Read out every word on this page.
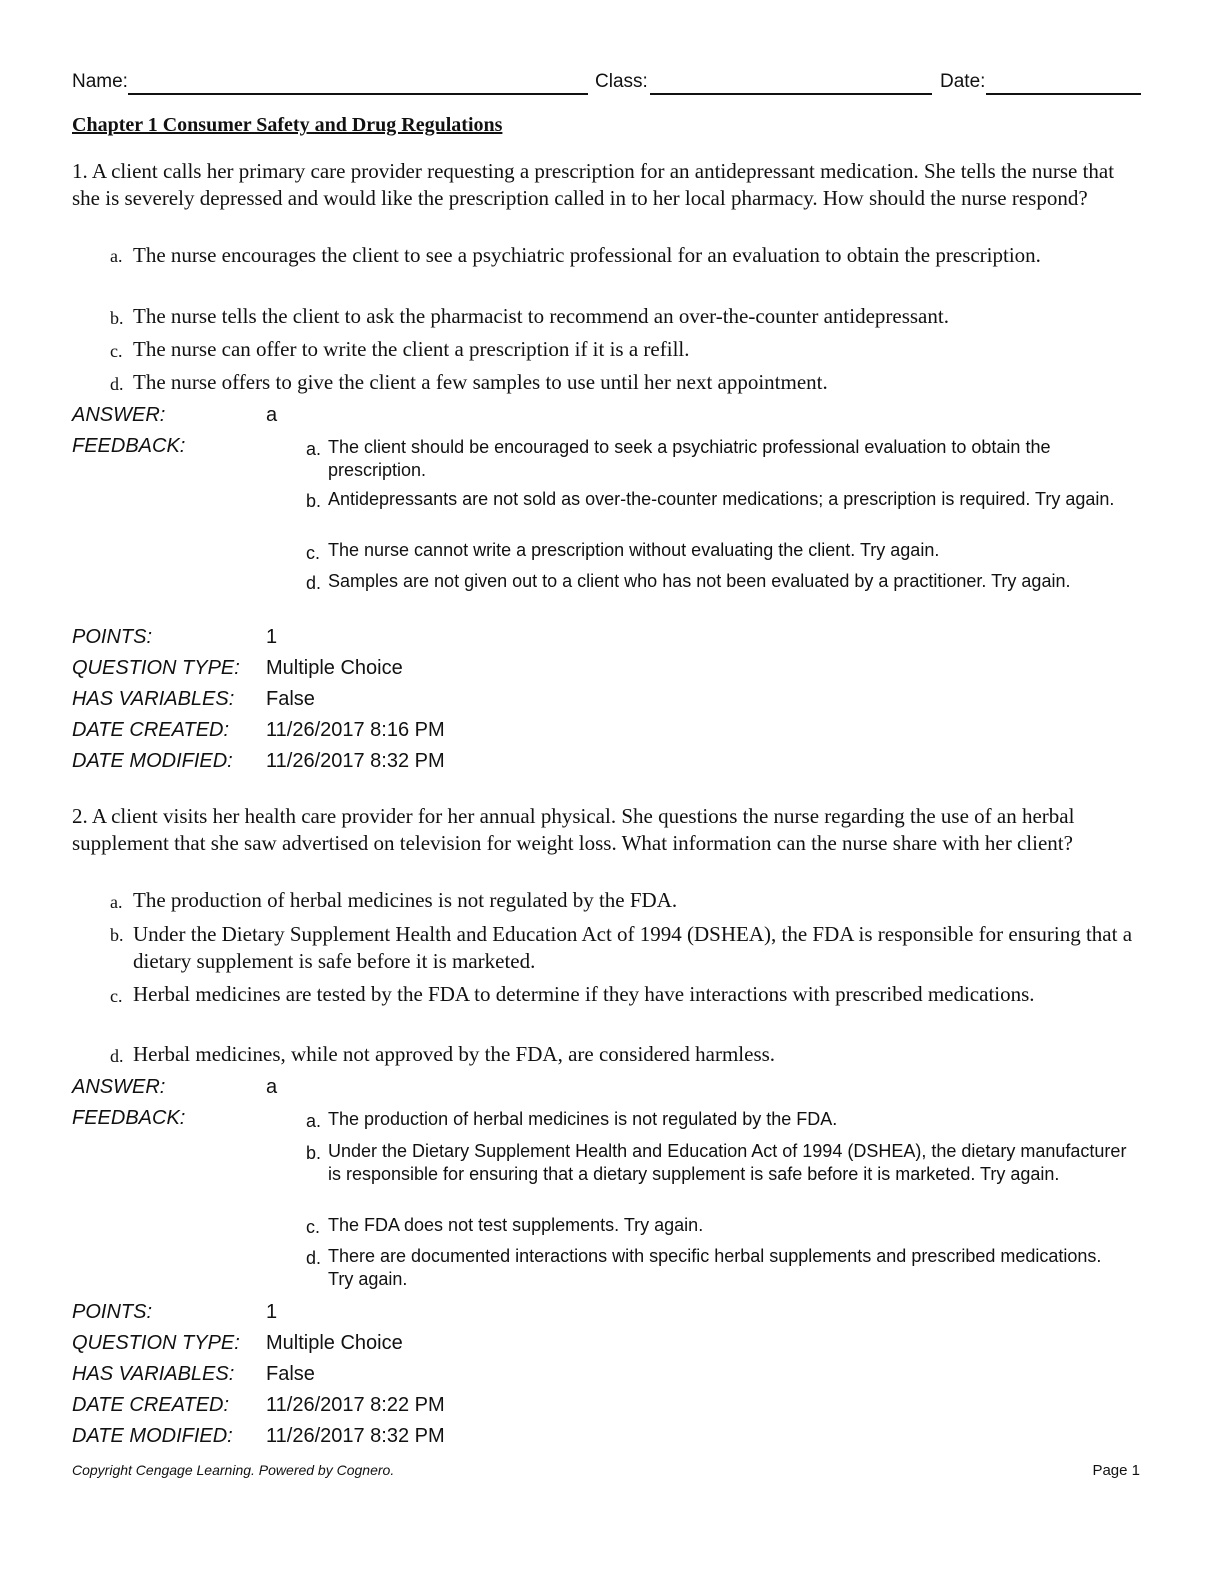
Name:	Class:	Date:
Chapter 1 Consumer Safety and Drug Regulations
1. A client calls her primary care provider requesting a prescription for an antidepressant medication. She tells the nurse that she is severely depressed and would like the prescription called in to her local pharmacy. How should the nurse respond?
a. The nurse encourages the client to see a psychiatric professional for an evaluation to obtain the prescription.
b. The nurse tells the client to ask the pharmacist to recommend an over-the-counter antidepressant.
c. The nurse can offer to write the client a prescription if it is a refill.
d. The nurse offers to give the client a few samples to use until her next appointment.
ANSWER:	a
FEEDBACK:	a. The client should be encouraged to seek a psychiatric professional evaluation to obtain the prescription.
b. Antidepressants are not sold as over-the-counter medications; a prescription is required. Try again.
c. The nurse cannot write a prescription without evaluating the client. Try again.
d. Samples are not given out to a client who has not been evaluated by a practitioner. Try again.
POINTS:	1
QUESTION TYPE: Multiple Choice
HAS VARIABLES: False
DATE CREATED: 11/26/2017 8:16 PM
DATE MODIFIED: 11/26/2017 8:32 PM
2. A client visits her health care provider for her annual physical. She questions the nurse regarding the use of an herbal supplement that she saw advertised on television for weight loss. What information can the nurse share with her client?
a. The production of herbal medicines is not regulated by the FDA.
b. Under the Dietary Supplement Health and Education Act of 1994 (DSHEA), the FDA is responsible for ensuring that a dietary supplement is safe before it is marketed.
c. Herbal medicines are tested by the FDA to determine if they have interactions with prescribed medications.
d. Herbal medicines, while not approved by the FDA, are considered harmless.
ANSWER:	a
FEEDBACK:	a. The production of herbal medicines is not regulated by the FDA.
b. Under the Dietary Supplement Health and Education Act of 1994 (DSHEA), the dietary manufacturer is responsible for ensuring that a dietary supplement is safe before it is marketed. Try again.
c. The FDA does not test supplements. Try again.
d. There are documented interactions with specific herbal supplements and prescribed medications. Try again.
POINTS:	1
QUESTION TYPE: Multiple Choice
HAS VARIABLES: False
DATE CREATED: 11/26/2017 8:22 PM
DATE MODIFIED: 11/26/2017 8:32 PM
Copyright Cengage Learning. Powered by Cognero.	Page 1
